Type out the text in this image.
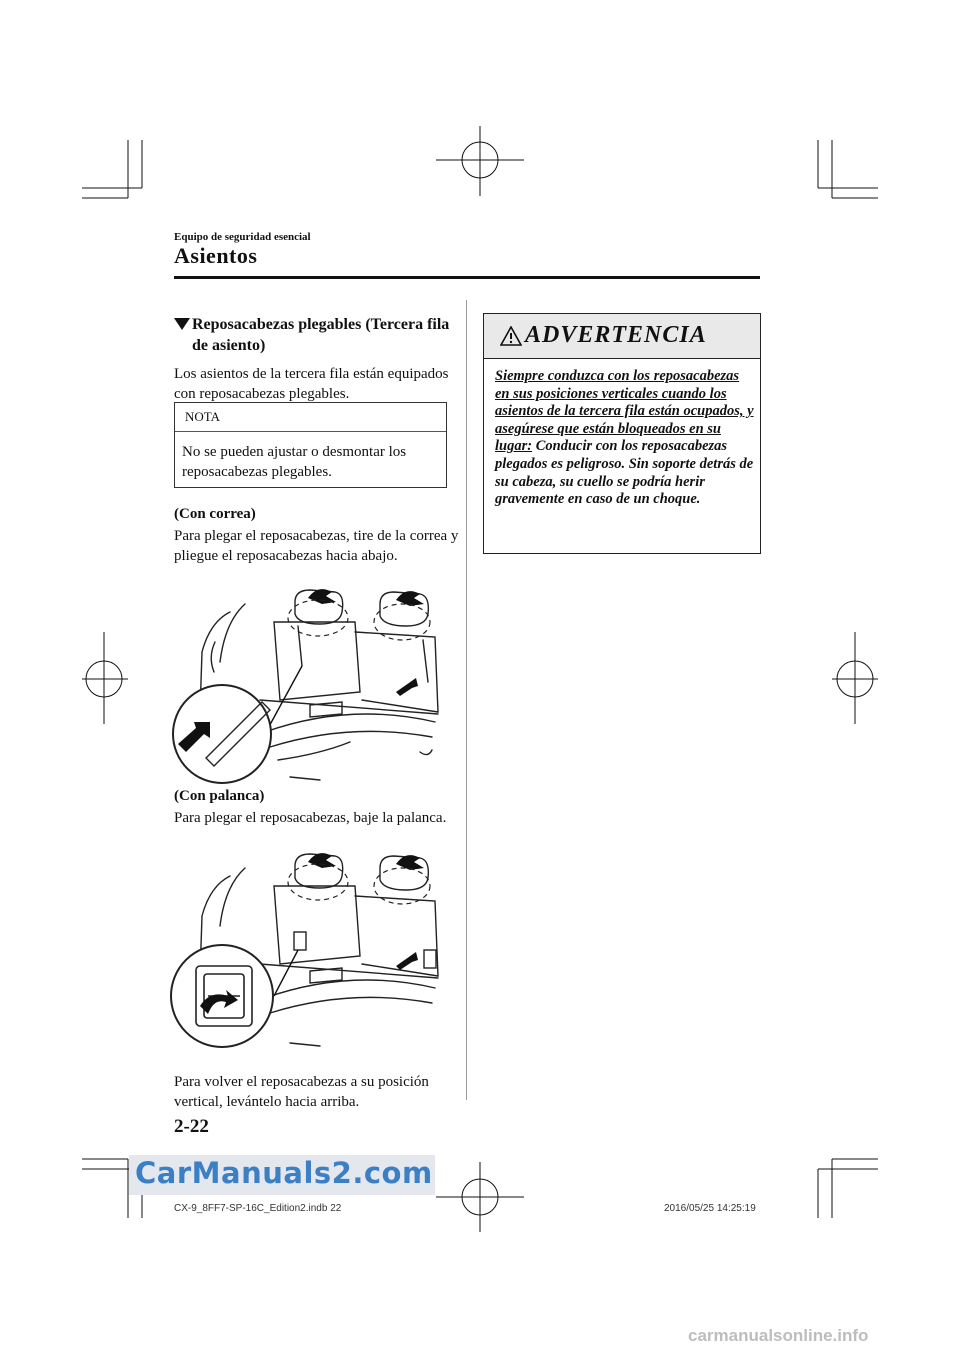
Equipo de seguridad esencial
Asientos
Reposacabezas plegables (Tercera fila de asiento)
Los asientos de la tercera fila están equipados con reposacabezas plegables.
NOTA
No se pueden ajustar o desmontar los reposacabezas plegables.
(Con correa)
Para plegar el reposacabezas, tire de la correa y pliegue el reposacabezas hacia abajo.
(Con palanca)
Para plegar el reposacabezas, baje la palanca.
Para volver el reposacabezas a su posición vertical, levántelo hacia arriba.
ADVERTENCIA
Siempre conduzca con los reposacabezas en sus posiciones verticales cuando los asientos de la tercera fila están ocupados, y asegúrese que están bloqueados en su lugar: Conducir con los reposacabezas plegados es peligroso. Sin soporte detrás de su cabeza, su cuello se podría herir gravemente en caso de un choque.
2-22
CarManuals2.com
CX-9_8FF7-SP-16C_Edition2.indb 22	2016/05/25 14:25:19
carmanualsonline.info
